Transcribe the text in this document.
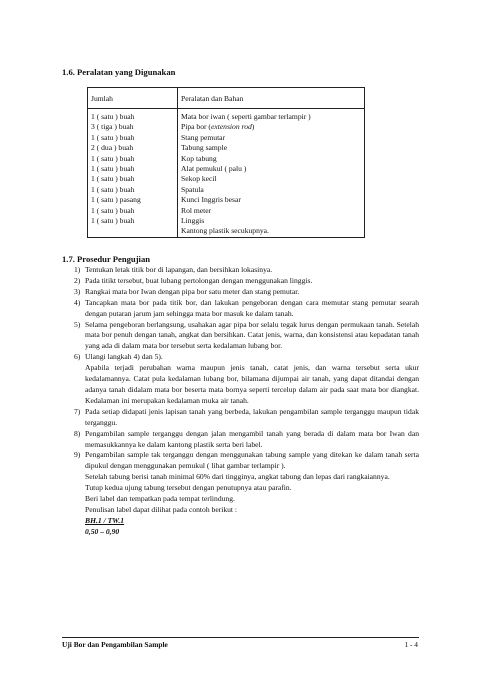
1.6. Peralatan yang Digunakan
Jumlah	Peralatan dan Bahan
1 ( satu ) buah	Mata bor iwan ( seperti gambar terlampir )
3 ( tiga ) buah	Pipa bor (extension rod)
1 ( satu ) buah	Stang pemutar
2 ( dua ) buah	Tabung sample
1 ( satu ) buah	Kop tabung
1 ( satu ) buah	Alat pemukul ( palu )
1 ( satu ) buah	Sekop kecil
1 ( satu ) buah	Spatula
1 ( satu ) pasang	Kunci Inggris besar
1 ( satu ) buah	Rol meter
1 ( satu ) buah	Linggis
	Kantong plastik secukupnya.
1.7. Prosedur Pengujian
1) Tentukan letak titik bor di lapangan, dan bersihkan lokasinya.
2) Pada titikt tersebut, buat lubang pertolongan dengan menggunakan linggis.
3) Rangkai mata bor Iwan dengan pipa bor satu meter dan stang pemutar.
4) Tancapkan mata bor pada titik bor, dan lakukan pengeboran dengan cara memutar stang pemutar searah dengan putaran jarum jam sehingga mata bor masuk ke dalam tanah.
5) Selama pengeboran berlangsung, usahakan agar pipa bor selalu tegak lurus dengan permukaan tanah. Setelah mata bor penuh dengan tanah, angkat dan bersihkan. Catat jenis, warna, dan konsistensi atau kepadatan tanah yang ada di dalam mata bor tersebut serta kedalaman lubang bor.
6) Ulangi langkah 4) dan 5).

Apabila terjadi perubahan warna maupun jenis tanah, catat jenis, dan warna tersebut serta ukur kedalamannya. Catat pula kedalaman lubang bor, bilamana dijumpai air tanah, yang dapat ditandai dengan adanya tanah didalam mata bor beserta mata bornya seperti tercelup dalam air pada saat mata bor diangkat. Kedalaman ini merupakan kedalaman muka air tanah.

7) Pada setiap didapati jenis lapisan tanah yang berbeda, lakukan pengambilan sample terganggu maupun tidak terganggu.
8) Pengambilan sample terganggu dengan jalan mengambil tanah yang berada di dalam mata bor Iwan dan memasukkannya ke dalam kantong plastik serta beri label.
9) Pengambilan sample tak terganggu dengan menggunakan tabung sample yang ditekan ke dalam tanah serta dipukul dengan menggunakan pemukul ( lihat gambar terlampir ).

Setelah tabung berisi tanah minimal 60% dari tingginya, angkat tabung dan lepas dari rangkaiannya.

Tutup kedua ujung tabung tersebut dengan penutupnya atau parafin.

Beri label dan tempatkan pada tempat terlindung.

Penulisan label dapat dilihat pada contoh berikut :

BH.1 / TW.1
0,50 – 0,90

Uji Bor dan Pengambilan Sample	1 - 4
